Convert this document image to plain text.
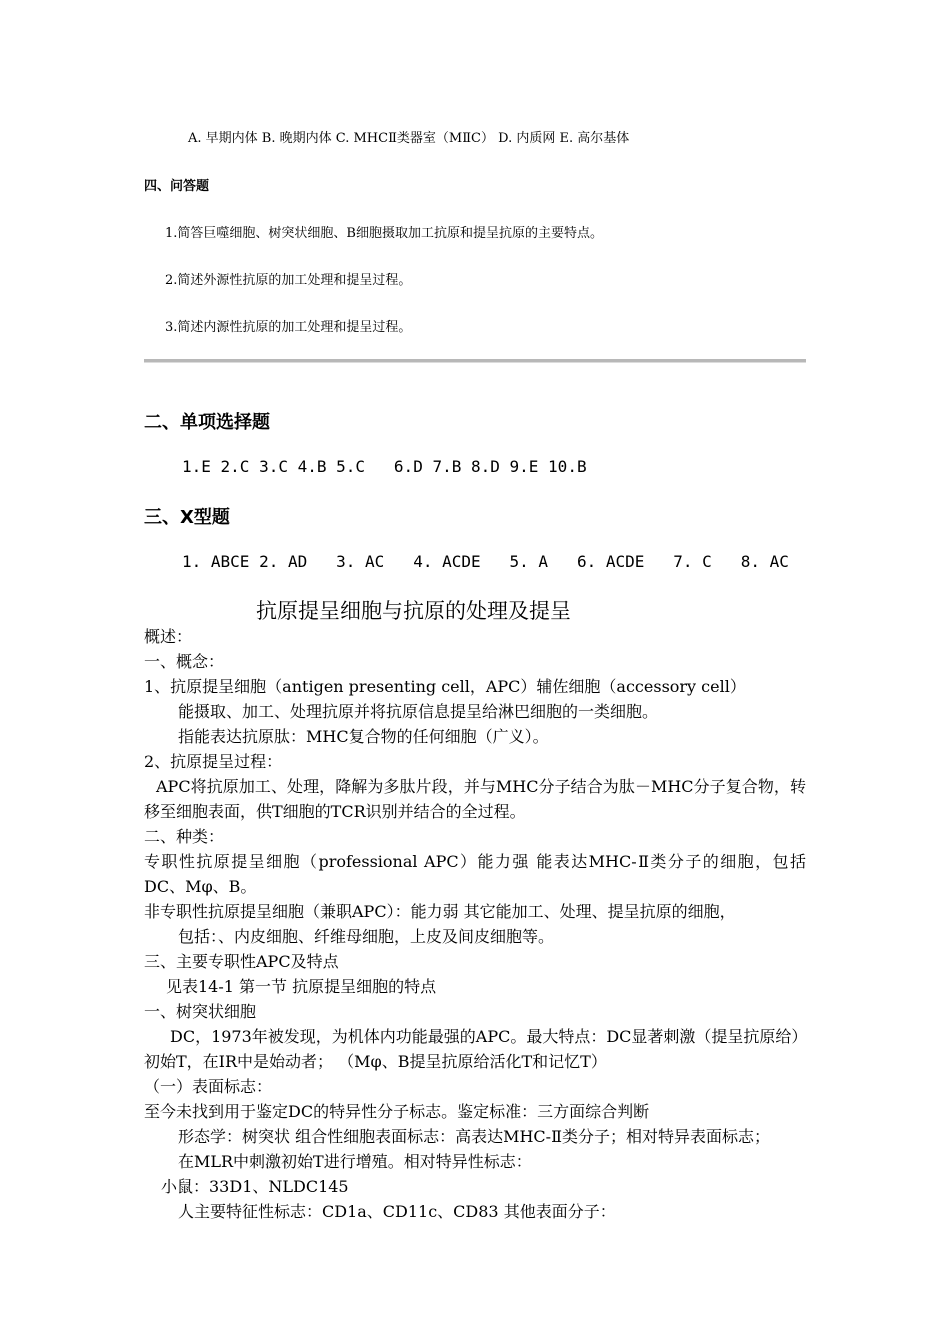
A. 早期内体 B. 晚期内体 C. MHCⅡ类器室（MⅡC） D. 内质网 E. 高尔基体
四、问答题
1.简答巨噬细胞、树突状细胞、B细胞摄取加工抗原和提呈抗原的主要特点。
2.简述外源性抗原的加工处理和提呈过程。
3.简述内源性抗原的加工处理和提呈过程。
二、单项选择题
1.E 2.C 3.C 4.B 5.C   6.D 7.B 8.D 9.E 10.B
三、X型题
1. ABCE 2. AD   3. AC   4. ACDE   5. A   6. ACDE   7. C   8. AC
抗原提呈细胞与抗原的处理及提呈
概述：
一、概念：
1、抗原提呈细胞（antigen presenting cell，APC）辅佐细胞（accessory cell）
能摄取、加工、处理抗原并将抗原信息提呈给淋巴细胞的一类细胞。
指能表达抗原肽：MHC复合物的任何细胞（广义）。
2、抗原提呈过程：
APC将抗原加工、处理，降解为多肽片段，并与MHC分子结合为肽－MHC分子复合物，转
移至细胞表面，供T细胞的TCR识别并结合的全过程。
二、种类：
专职性抗原提呈细胞（professional APC）能力强 能表达MHC-Ⅱ类分子的细胞，包括
DC、Mφ、B。
非专职性抗原提呈细胞（兼职APC）：能力弱 其它能加工、处理、提呈抗原的细胞，
包括：、内皮细胞、纤维母细胞，上皮及间皮细胞等。
三、主要专职性APC及特点
见表14-1 第一节 抗原提呈细胞的特点
一、树突状细胞
DC，1973年被发现，为机体内功能最强的APC。最大特点：DC显著刺激（提呈抗原给）
初始T，在IR中是始动者； （Mφ、B提呈抗原给活化T和记忆T）
（一）表面标志：
至今未找到用于鉴定DC的特异性分子标志。鉴定标准：三方面综合判断
形态学：树突状 组合性细胞表面标志：高表达MHC-Ⅱ类分子；相对特异表面标志；
在MLR中刺激初始T进行增殖。相对特异性标志：
小鼠：33D1、NLDC145
人主要特征性标志：CD1a、CD11c、CD83 其他表面分子：
